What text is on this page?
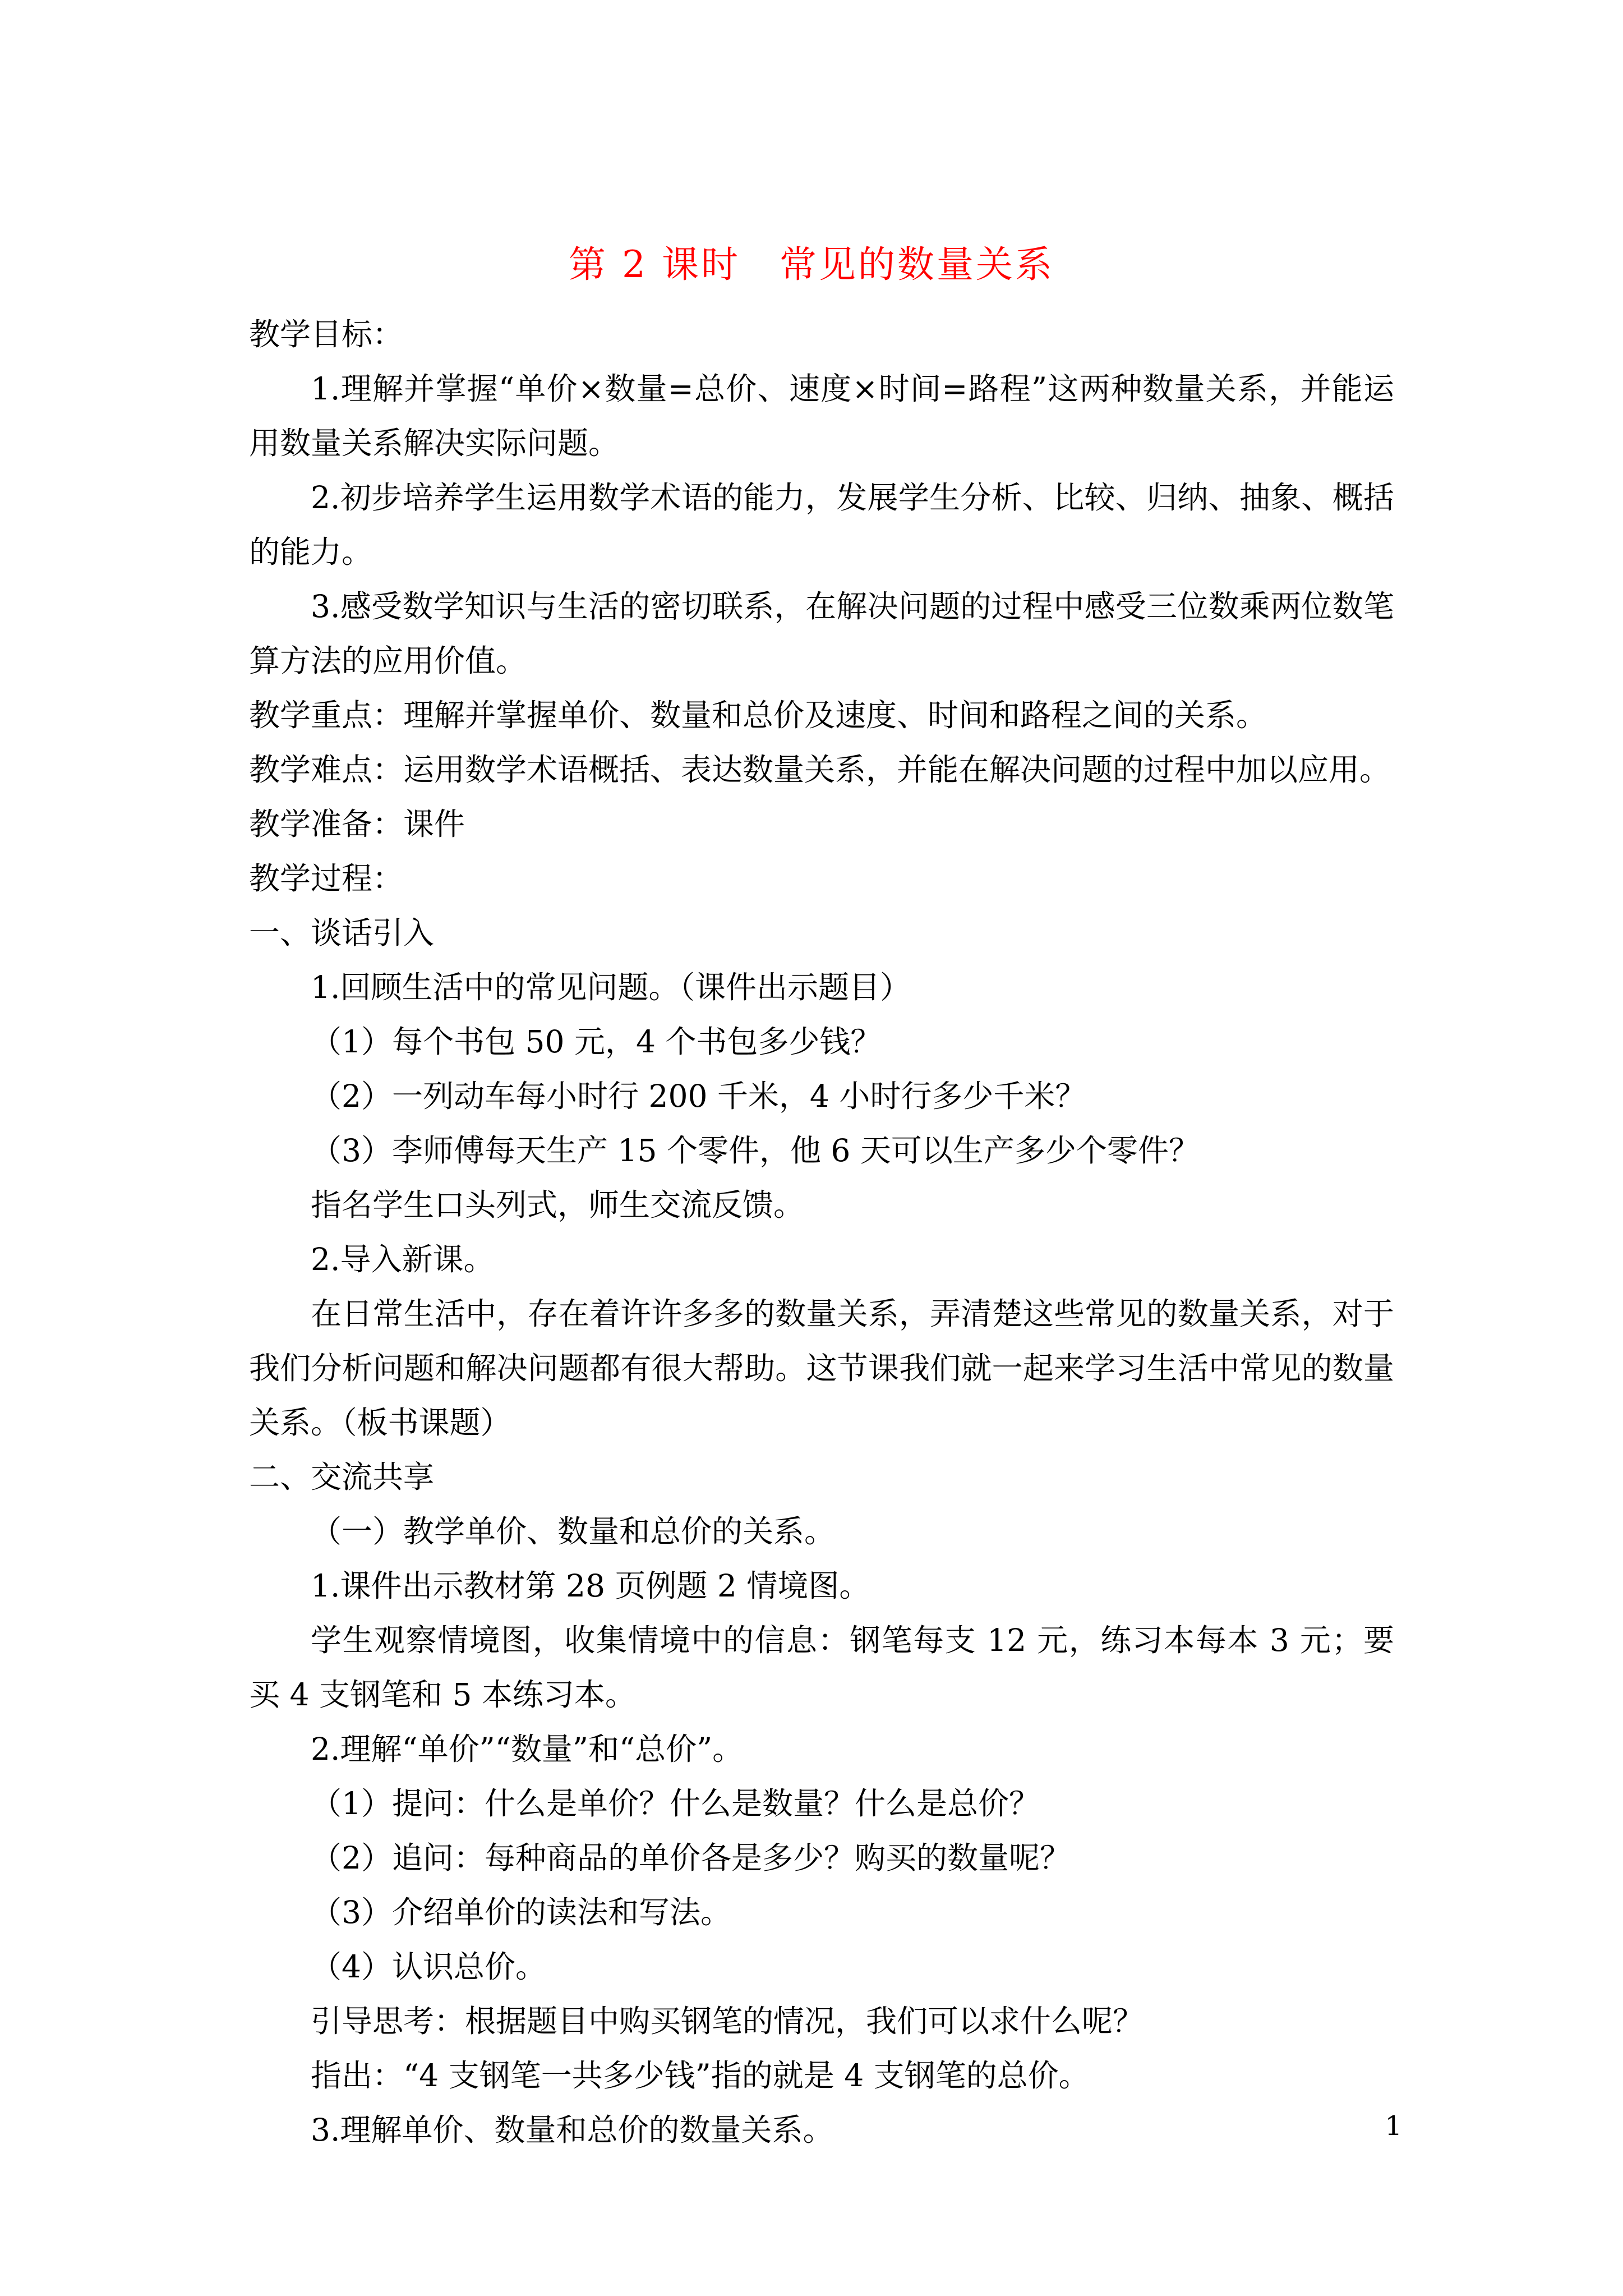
第 2 课时　常见的数量关系

教学目标：

1.理解并掌握“单价×数量=总价、速度×时间=路程”这两种数量关系，并能运用数量关系解决实际问题。

2.初步培养学生运用数学术语的能力，发展学生分析、比较、归纳、抽象、概括的能力。

3.感受数学知识与生活的密切联系，在解决问题的过程中感受三位数乘两位数笔算方法的应用价值。

教学重点：理解并掌握单价、数量和总价及速度、时间和路程之间的关系。

教学难点：运用数学术语概括、表达数量关系，并能在解决问题的过程中加以应用。

教学准备：课件

教学过程：

一、谈话引入

1.回顾生活中的常见问题。（课件出示题目）

（1）每个书包 50 元，4 个书包多少钱？

（2）一列动车每小时行 200 千米，4 小时行多少千米？

（3）李师傅每天生产 15 个零件，他 6 天可以生产多少个零件？

指名学生口头列式，师生交流反馈。

2.导入新课。

在日常生活中，存在着许许多多的数量关系，弄清楚这些常见的数量关系，对于我们分析问题和解决问题都有很大帮助。这节课我们就一起来学习生活中常见的数量关系。（板书课题）

二、交流共享

（一）教学单价、数量和总价的关系。

1.课件出示教材第 28 页例题 2 情境图。

学生观察情境图，收集情境中的信息：钢笔每支 12 元，练习本每本 3 元；要买 4 支钢笔和 5 本练习本。

2.理解“单价”“数量”和“总价”。

（1）提问：什么是单价？什么是数量？什么是总价？

（2）追问：每种商品的单价各是多少？购买的数量呢？

（3）介绍单价的读法和写法。

（4）认识总价。

引导思考：根据题目中购买钢笔的情况，我们可以求什么呢？

指出：“4 支钢笔一共多少钱”指的就是 4 支钢笔的总价。

3.理解单价、数量和总价的数量关系。	1
